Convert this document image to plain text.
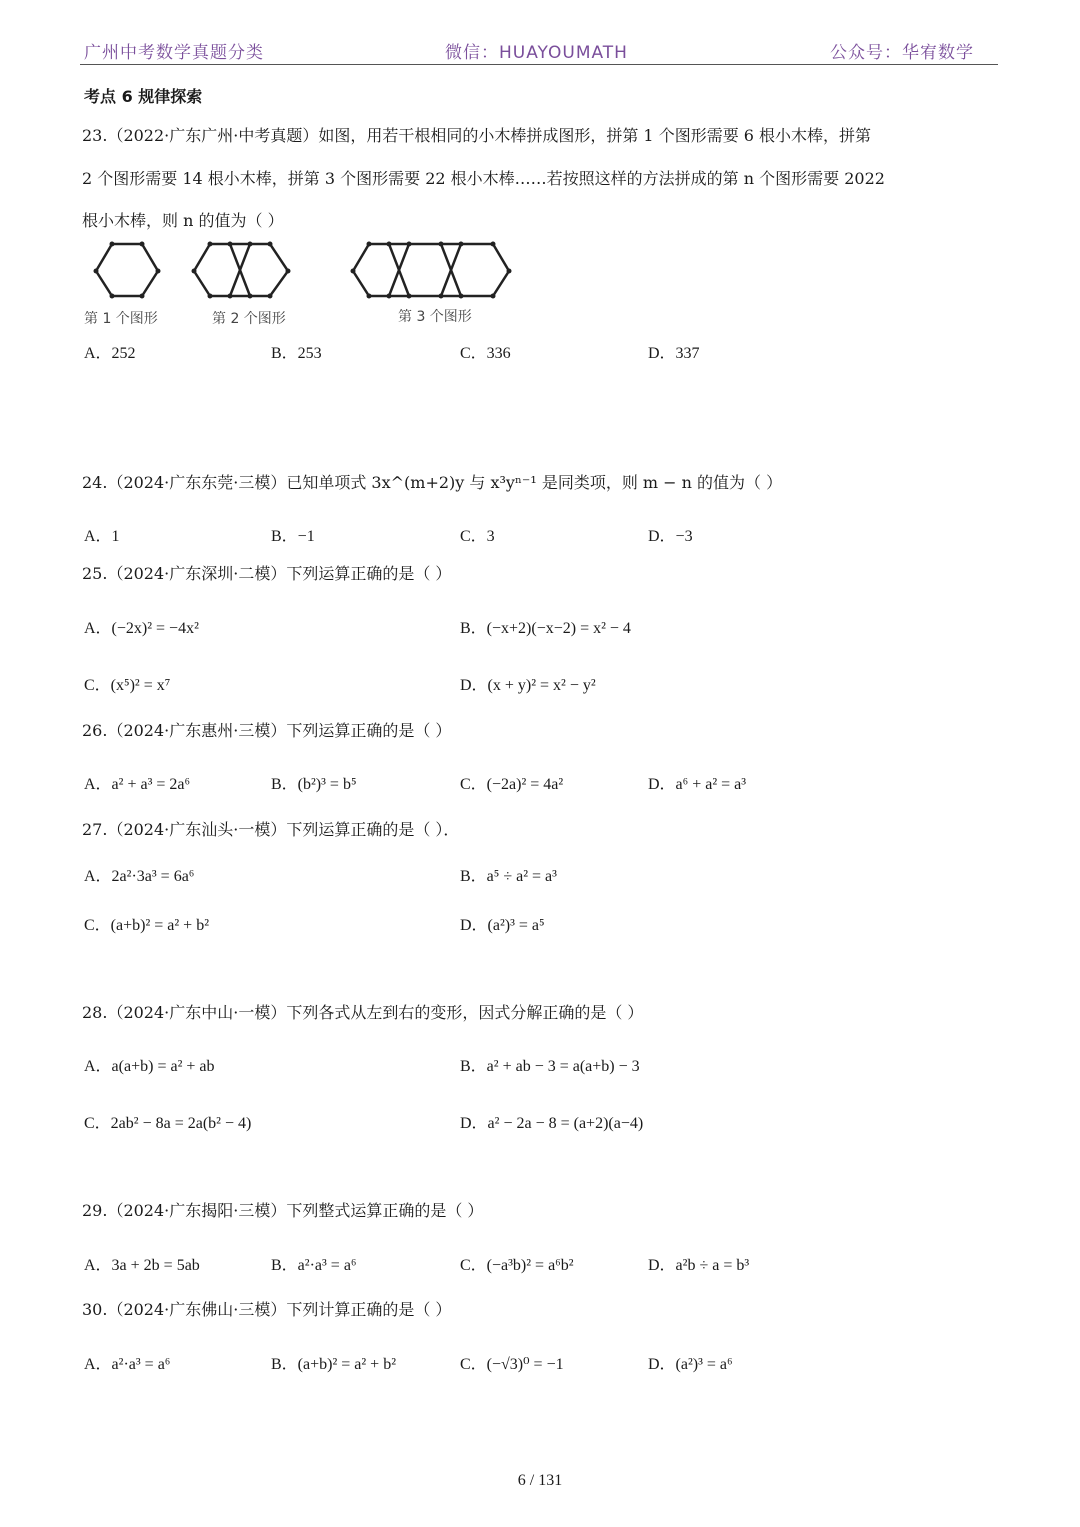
广州中考数学真题分类	微信：HUAYOUMATH	公众号：华宥数学
考点 6 规律探索
23.（2022·广东广州·中考真题）如图，用若干根相同的小木棒拼成图形，拼第 1 个图形需要 6 根小木棒，拼第
2 个图形需要 14 根小木棒，拼第 3 个图形需要 22 根小木棒……若按照这样的方法拼成的第 n 个图形需要 2022
根小木棒，则 n 的值为（ ）
第 1 个图形	第 2 个图形	第 3 个图形
A．252	B．253	C．336	D．337
24.（2024·广东东莞·三模）已知单项式 3x^(m+2)y 与 x³yⁿ⁻¹ 是同类项，则 m − n 的值为（ ）
A．1	B．−1	C．3	D．−3
25.（2024·广东深圳·二模）下列运算正确的是（ ）
A．(−2x)² = −4x²	B．(−x+2)(−x−2) = x² − 4
C．(x⁵)² = x⁷	D．(x + y)² = x² − y²
26.（2024·广东惠州·三模）下列运算正确的是（ ）
A．a² + a³ = 2a⁶	B．(b²)³ = b⁵	C．(−2a)² = 4a²	D．a⁶ + a² = a³
27.（2024·广东汕头·一模）下列运算正确的是（ ）．
A．2a²·3a³ = 6a⁶	B．a⁵ ÷ a² = a³
C．(a+b)² = a² + b²	D．(a²)³ = a⁵
28.（2024·广东中山·一模）下列各式从左到右的变形，因式分解正确的是（ ）
A．a(a+b) = a² + ab	B．a² + ab − 3 = a(a+b) − 3
C．2ab² − 8a = 2a(b² − 4)	D．a² − 2a − 8 = (a+2)(a−4)
29.（2024·广东揭阳·三模）下列整式运算正确的是（ ）
A．3a + 2b = 5ab	B．a²·a³ = a⁶	C．(−a³b)² = a⁶b²	D．a²b ÷ a = b³
30.（2024·广东佛山·三模）下列计算正确的是（ ）
A．a²·a³ = a⁶	B．(a+b)² = a² + b²	C．(−√3)⁰ = −1	D．(a²)³ = a⁶
6 / 131
